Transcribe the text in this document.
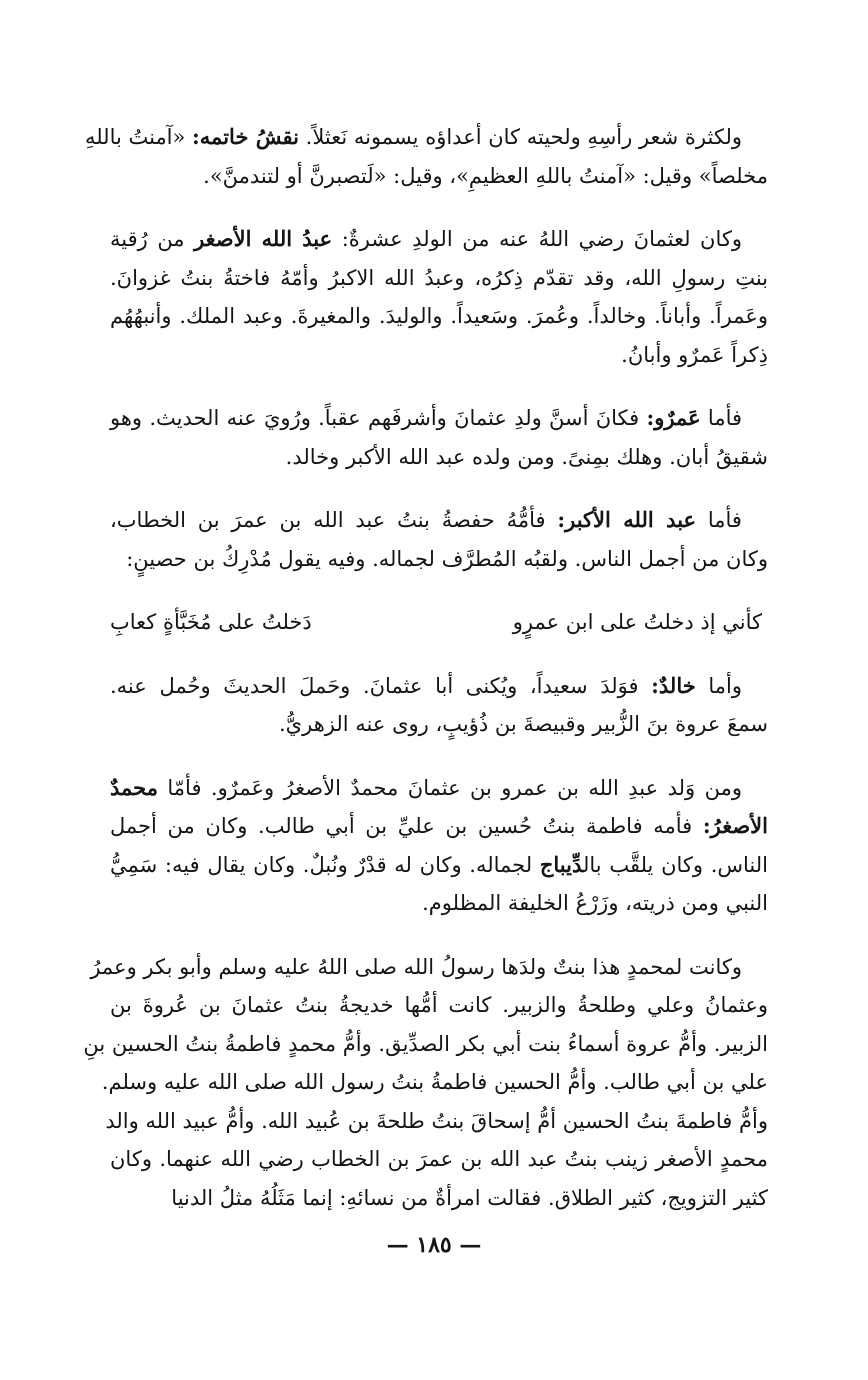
ولكثرة شعر رأسِهِ ولحيته كان أعداؤه يسمونه نَعثلاً. نقشُ خاتمه: «آمنتُ باللهِ
مخلصاً» وقيل: «آمنتُ باللهِ العظيمِ»، وقيل: «لَتصبرنَّ أو لتندمنَّ».

وكان لعثمانَ رضي اللهُ عنه من الولدِ عشرةٌ: عبدُ الله الأصغر من رُقية
بنتِ رسولِ الله، وقد تقدّم ذِكرُه، وعبدُ الله الاكبرُ وأمّهُ فاختةُ بنتُ غزوانَ.
وعَمراً. وأباناً. وخالداً. وعُمرَ. وسَعيداً. والوليدَ. والمغيرةَ. وعبد الملك. وأنبهُهُم
ذِكراً عَمرٌو وأبانُ.

فأما عَمرٌو: فكانَ أسنَّ ولدِ عثمانَ وأشرفَهم عقباً. ورُويَ عنه الحديث. وهو
شقيقُ أبان. وهلك بمِنىً. ومن ولده عبد الله الأكبر وخالد.

فأما عبد الله الأكبر: فأمُّهُ حفصةُ بنتُ عبد الله بن عمرَ بن الخطاب،
وكان من أجمل الناس. ولقبُه المُطرَّف لجماله. وفيه يقول مُدْرِكُ بن حصينٍ:

كأني إذ دخلتُ على ابن عمرٍو
دَخلتُ على مُخَبَّأةٍ كعابِ

وأما خالدٌ: فوَلدَ سعيداً، ويُكنى أبا عثمانَ. وحَملَ الحديثَ وحُمل عنه.
سمعَ عروة بنَ الزُّبير وقبيصةَ بن ذُؤيبٍ، روى عنه الزهريُّ.

ومن وَلد عبدِ الله بن عمرو بن عثمانَ محمدٌ الأصغرُ وعَمرٌو. فأمّا محمدٌ
الأصغرُ: فأمه فاطمة بنتُ حُسين بن عليِّ بن أبي طالب. وكان من أجمل
الناس. وكان يلقَّب بالدِّيباج لجماله. وكان له قدْرٌ ونُبلٌ. وكان يقال فيه: سَمِيُّ
النبي ومن ذريته، وزَرْعُ الخليفة المظلوم.

وكانت لمحمدٍ هذا بنتٌ ولدَها رسولُ الله صلى اللهُ عليه وسلم وأبو بكر وعمرُ
وعثمانُ وعلي وطلحةُ والزبير. كانت أمُّها خديجةُ بنتُ عثمانَ بن عُروةَ بن
الزبير. وأمُّ عروة أسماءُ بنت أبي بكر الصدِّيق. وأمُّ محمدٍ فاطمةُ بنتُ الحسين بنِ
علي بن أبي طالب. وأمُّ الحسين فاطمةُ بنتُ رسول الله صلى الله عليه وسلم.
وأمُّ فاطمةَ بنتُ الحسين أمُّ إسحاقَ بنتُ طلحةَ بن عُبيد الله. وأمُّ عبيد الله والد
محمدٍ الأصغر زينب بنتُ عبد الله بن عمرَ بن الخطاب رضي الله عنهما. وكان
كثير التزويج، كثير الطلاق. فقالت امرأةٌ من نسائهِ: إنما مَثَلُهُ مثلُ الدنيا

— ١٨٥ —
